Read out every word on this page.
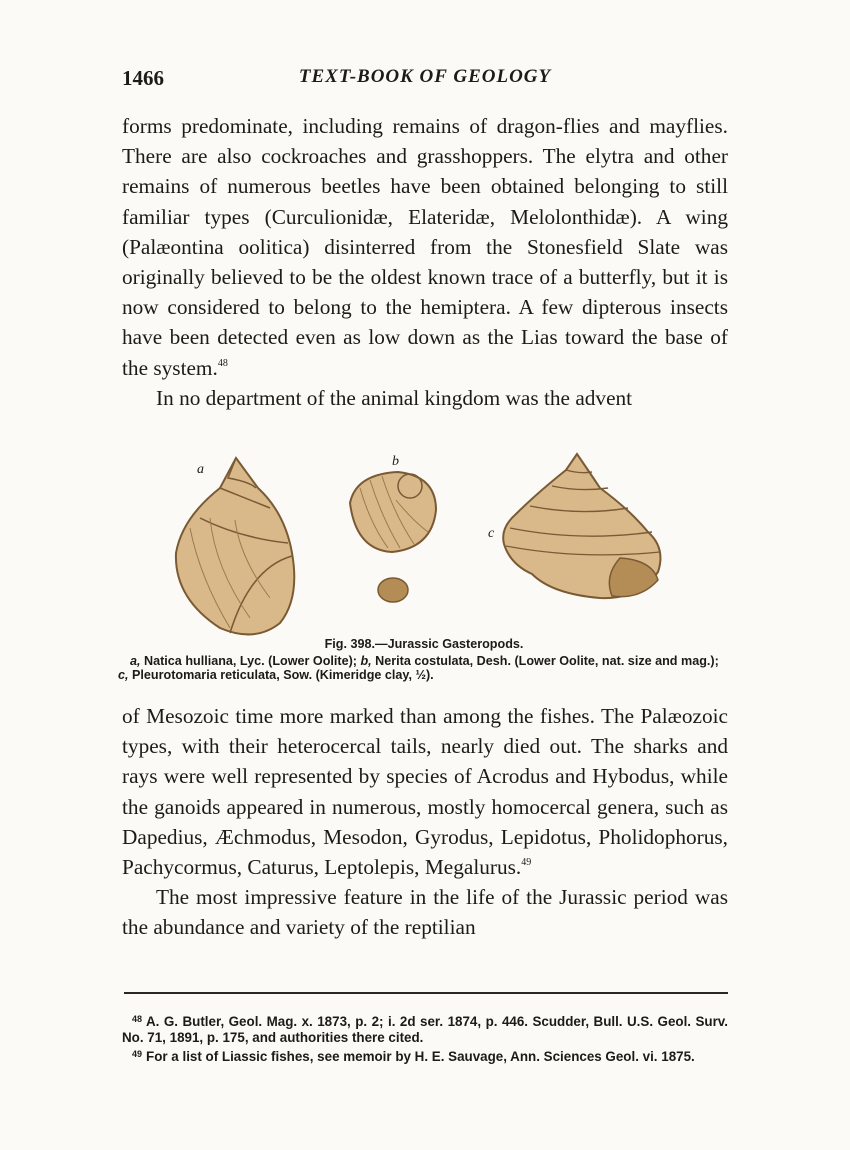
1466	TEXT-BOOK OF GEOLOGY

forms predominate, including remains of dragon-flies and mayflies. There are also cockroaches and grasshoppers. The elytra and other remains of numerous beetles have been obtained belonging to still familiar types (Curculionidæ, Elateridæ, Melolonthidæ). A wing (Palæontina oolitica) disinterred from the Stonesfield Slate was originally believed to be the oldest known trace of a butterfly, but it is now considered to belong to the hemiptera. A few dipterous insects have been detected even as low down as the Lias toward the base of the system.$^{48}$

In no department of the animal kingdom was the advent

a
b
c

Fig. 398.—Jurassic Gasteropods.

a, Natica hulliana, Lyc. (Lower Oolite); b, Nerita costulata, Desh. (Lower Oolite, nat. size and mag.); c, Pleurotomaria reticulata, Sow. (Kimeridge clay, ½).

of Mesozoic time more marked than among the fishes. The Palæozoic types, with their heterocercal tails, nearly died out. The sharks and rays were well represented by species of Acrodus and Hybodus, while the ganoids appeared in numerous, mostly homocercal genera, such as Dapedius, Æchmodus, Mesodon, Gyrodus, Lepidotus, Pholidophorus, Pachycormus, Caturus, Leptolepis, Megalurus.$^{49}$

The most impressive feature in the life of the Jurassic period was the abundance and variety of the reptilian

$^{48}$ A. G. Butler, Geol. Mag. x. 1873, p. 2; i. 2d ser. 1874, p. 446. Scudder, Bull. U.S. Geol. Surv. No. 71, 1891, p. 175, and authorities there cited.

$^{49}$ For a list of Liassic fishes, see memoir by H. E. Sauvage, Ann. Sciences Geol. vi. 1875.
